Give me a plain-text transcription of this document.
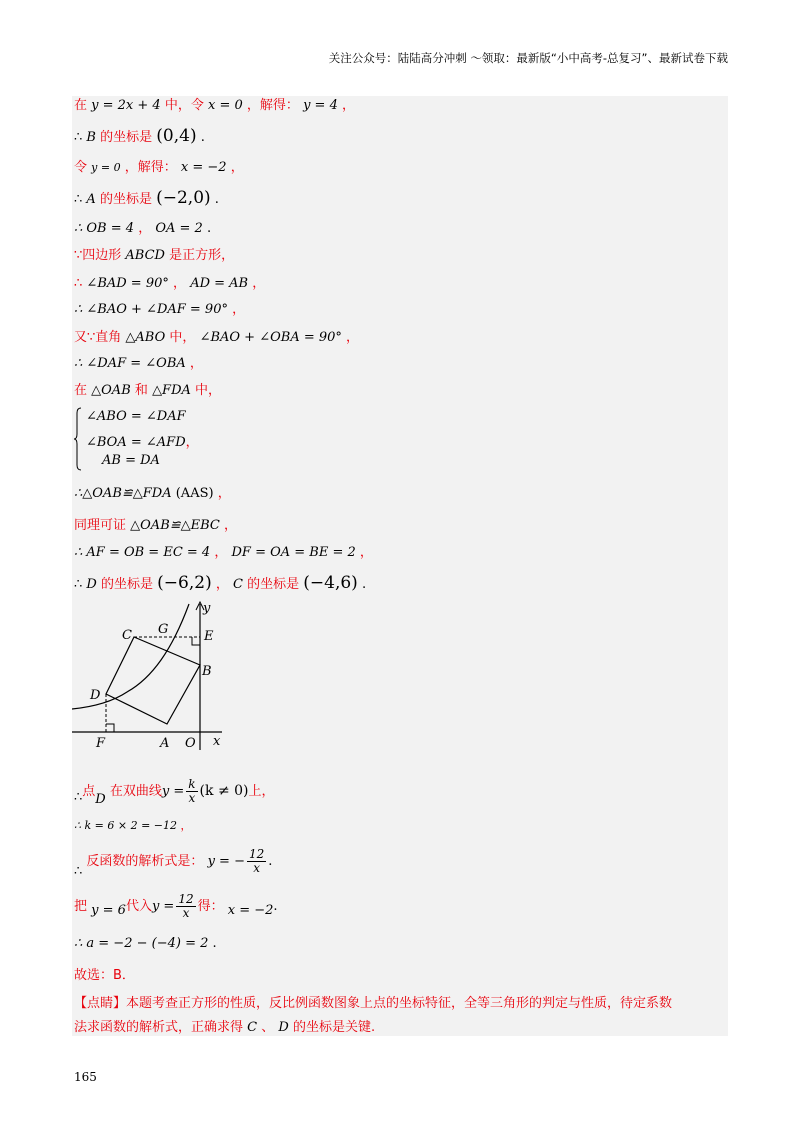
关注公众号：陆陆高分冲刺 〜领取：最新版“小中高考-总复习”、最新试卷下载
在 y = 2x + 4 中，令 x = 0 ，解得： y = 4 ，
∴ B 的坐标是 (0,4) .
令 y = 0 ，解得： x = −2 ，
∴ A 的坐标是 (−2,0) .
∴ OB = 4 ， OA = 2 .
∵四边形 ABCD 是正方形，
∴ ∠BAD = 90° ， AD = AB ，
∴ ∠BAO + ∠DAF = 90° ，
又∵直角 △ABO 中， ∠BAO + ∠OBA = 90° ，
∴ ∠DAF = ∠OBA ，
在 △OAB 和 △FDA 中，
∠ABO = ∠DAF
∠BOA = ∠AFD，
AB = DA
∴△OAB≌△FDA (AAS) ，
同理可证 △OAB≌△EBC ，
∴ AF = OB = EC = 4 ， DF = OA = BE = 2 ，
∴ D 的坐标是 (−6,2) ， C 的坐标是 (−4,6) .
C G	E
y
B
D
F	A O x
∴点D 在双曲线$y = \frac{k}{x} (k \ne 0)$上，
∴ k = 6 × 2 = −12 ，
∴ 反函数的解析式是： y = − $\frac{12}{x}$ .
把 y = 6代入$y = \frac{12}{x}$ 得： x = −2.
∴ a = −2 − (−4) = 2 .
故选：B．
【点睛】本题考查正方形的性质，反比例函数图象上点的坐标特征，全等三角形的判定与性质，待定系数
法求函数的解析式，正确求得 C 、 D 的坐标是关键.
165
